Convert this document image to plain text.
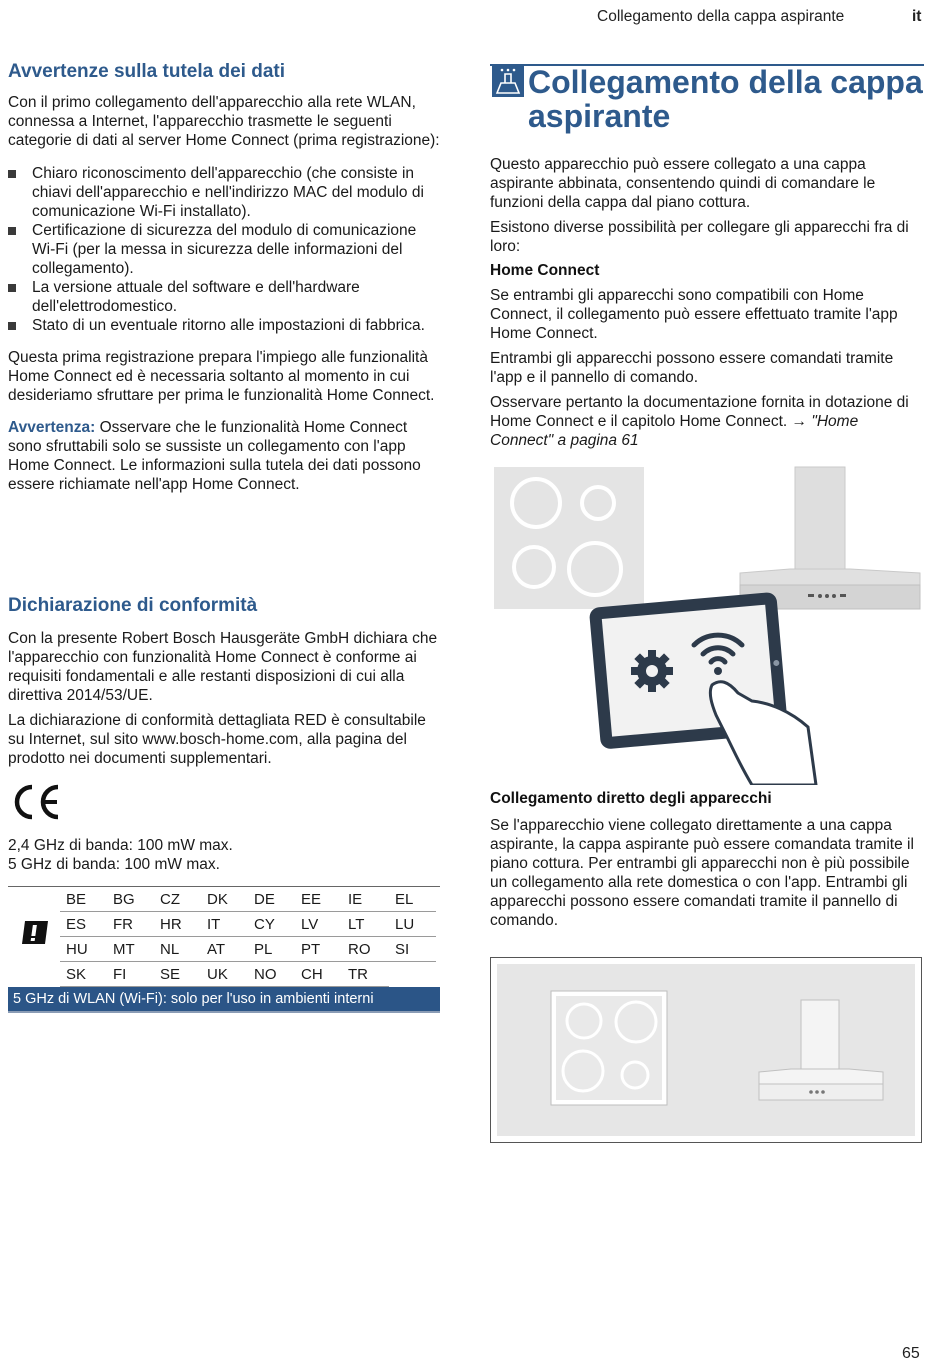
Collegamento della cappa aspirante	it
Avvertenze sulla tutela dei dati

Con il primo collegamento dell'apparecchio alla rete WLAN, connessa a Internet, l'apparecchio trasmette le seguenti categorie di dati al server Home Connect (prima registrazione):

Chiaro riconoscimento dell'apparecchio (che consiste in chiavi dell'apparecchio e nell'indirizzo MAC del modulo di comunicazione Wi-Fi installato).
Certificazione di sicurezza del modulo di comunicazione Wi-Fi (per la messa in sicurezza delle informazioni del collegamento).
La versione attuale del software e dell'hardware dell'elettrodomestico.
Stato di un eventuale ritorno alle impostazioni di fabbrica.

Questa prima registrazione prepara l'impiego alle funzionalità Home Connect ed è necessaria soltanto al momento in cui desideriamo sfruttare per prima le funzionalità Home Connect.

Avvertenza: Osservare che le funzionalità Home Connect sono sfruttabili solo se sussiste un collegamento con l'app Home Connect. Le informazioni sulla tutela dei dati possono essere richiamate nell'app Home Connect.

Dichiarazione di conformità

Con la presente Robert Bosch Hausgeräte GmbH dichiara che l'apparecchio con funzionalità Home Connect è conforme ai requisiti fondamentali e alle restanti disposizioni di cui alla direttiva 2014/53/UE.

La dichiarazione di conformità dettagliata RED è consultabile su Internet, sul sito www.bosch-home.com, alla pagina del prodotto nei documenti supplementari.

2,4 GHz di banda: 100 mW max.

5 GHz di banda: 100 mW max.

BE	BG	CZ	DK	DE	EE	IE	EL
ES	FR	HR	IT	CY	LV	LT	LU
HU	MT	NL	AT	PL	PT	RO	SI
SK	FI	SE	UK	NO	CH	TR	
5 GHz di WLAN (Wi-Fi): solo per l'uso in ambienti interni
Collegamento della cappa
aspirante

Questo apparecchio può essere collegato a una cappa aspirante abbinata, consentendo quindi di comandare le funzioni della cappa dal piano cottura.

Esistono diverse possibilità per collegare gli apparecchi fra di loro:

Home Connect

Se entrambi gli apparecchi sono compatibili con Home Connect, il collegamento può essere effettuato tramite l'app Home Connect.

Entrambi gli apparecchi possono essere comandati tramite l'app e il pannello di comando.

Osservare pertanto la documentazione fornita in dotazione di Home Connect e il capitolo Home Connect. → "Home Connect" a pagina 61

Collegamento diretto degli apparecchi

Se l'apparecchio viene collegato direttamente a una cappa aspirante, la cappa aspirante può essere comandata tramite il piano cottura. Per entrambi gli apparecchi non è più possibile un collegamento alla rete domestica o con l'app. Entrambi gli apparecchi possono essere comandati tramite il pannello di comando.

65
